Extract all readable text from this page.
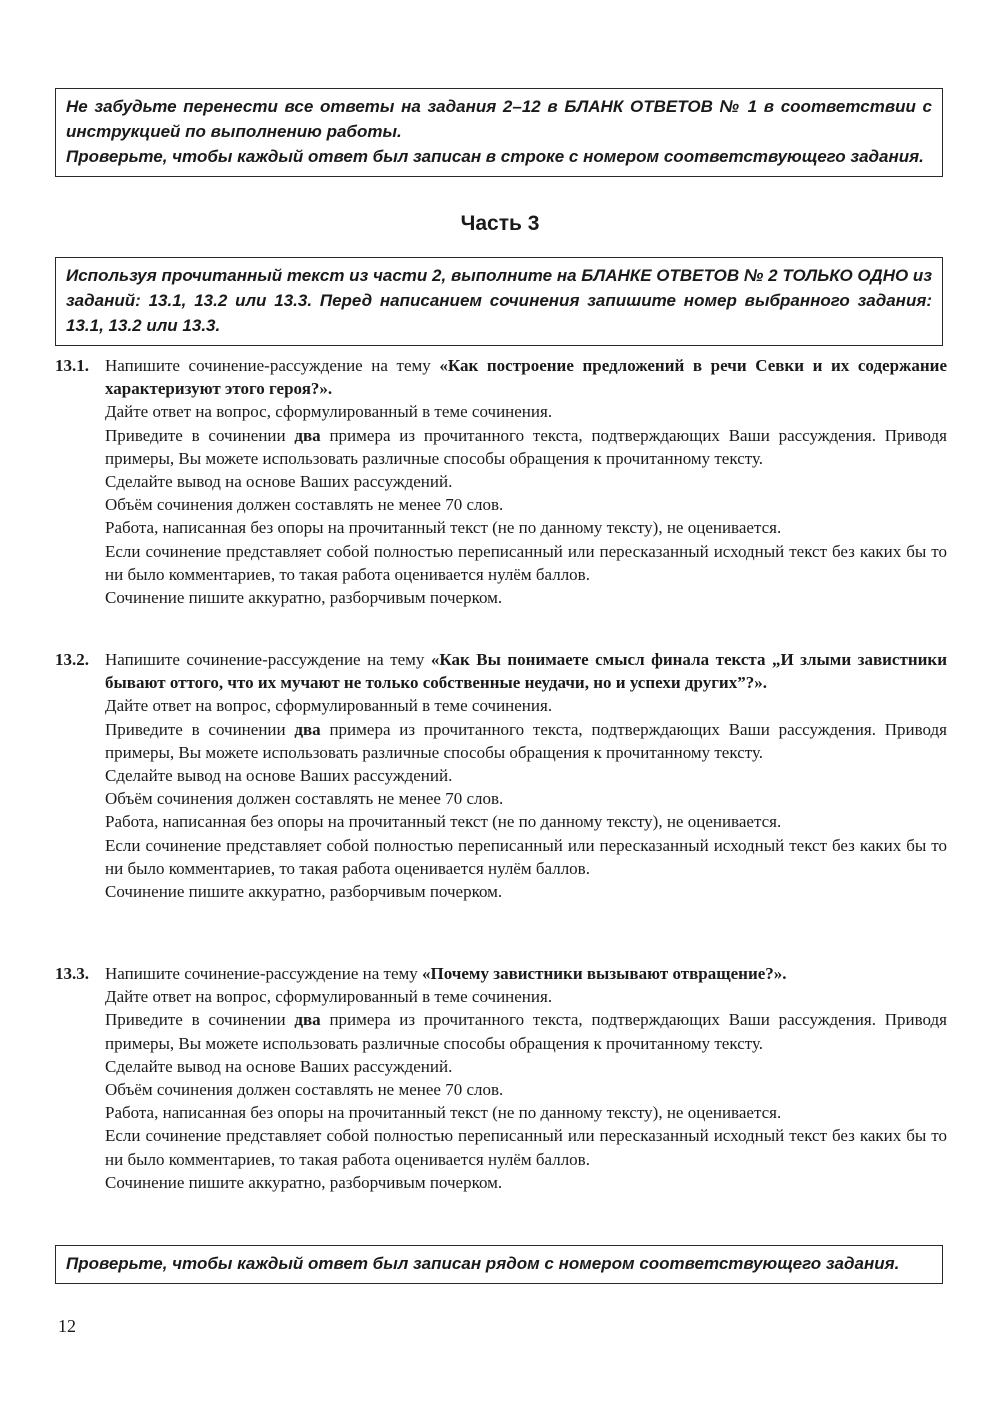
Не забудьте перенести все ответы на задания 2–12 в БЛАНК ОТВЕТОВ № 1 в соответствии с инструкцией по выполнению работы.

Проверьте, чтобы каждый ответ был записан в строке с номером соответствующего задания.

Часть 3

Используя прочитанный текст из части 2, выполните на БЛАНКЕ ОТВЕТОВ № 2 ТОЛЬКО ОДНО из заданий: 13.1, 13.2 или 13.3. Перед написанием сочинения запишите номер выбранного задания: 13.1, 13.2 или 13.3.

13.1. Напишите сочинение-рассуждение на тему «Как построение предложений в речи Севки и их содержание характеризуют этого героя?».

Дайте ответ на вопрос, сформулированный в теме сочинения.

Приведите в сочинении два примера из прочитанного текста, подтверждающих Ваши рассуждения. Приводя примеры, Вы можете использовать различные способы обращения к прочитанному тексту.

Сделайте вывод на основе Ваших рассуждений.

Объём сочинения должен составлять не менее 70 слов.

Работа, написанная без опоры на прочитанный текст (не по данному тексту), не оценивается.

Если сочинение представляет собой полностью переписанный или пересказанный исходный текст без каких бы то ни было комментариев, то такая работа оценивается нулём баллов.

Сочинение пишите аккуратно, разборчивым почерком.

13.2. Напишите сочинение-рассуждение на тему «Как Вы понимаете смысл финала текста „И злыми завистники бывают оттого, что их мучают не только собственные неудачи, но и успехи других”?».

Дайте ответ на вопрос, сформулированный в теме сочинения.

Приведите в сочинении два примера из прочитанного текста, подтверждающих Ваши рассуждения. Приводя примеры, Вы можете использовать различные способы обращения к прочитанному тексту.

Сделайте вывод на основе Ваших рассуждений.

Объём сочинения должен составлять не менее 70 слов.

Работа, написанная без опоры на прочитанный текст (не по данному тексту), не оценивается.

Если сочинение представляет собой полностью переписанный или пересказанный исходный текст без каких бы то ни было комментариев, то такая работа оценивается нулём баллов.

Сочинение пишите аккуратно, разборчивым почерком.

13.3. Напишите сочинение-рассуждение на тему «Почему завистники вызывают отвращение?».

Дайте ответ на вопрос, сформулированный в теме сочинения.

Приведите в сочинении два примера из прочитанного текста, подтверждающих Ваши рассуждения. Приводя примеры, Вы можете использовать различные способы обращения к прочитанному тексту.

Сделайте вывод на основе Ваших рассуждений.

Объём сочинения должен составлять не менее 70 слов.

Работа, написанная без опоры на прочитанный текст (не по данному тексту), не оценивается.

Если сочинение представляет собой полностью переписанный или пересказанный исходный текст без каких бы то ни было комментариев, то такая работа оценивается нулём баллов.

Сочинение пишите аккуратно, разборчивым почерком.

Проверьте, чтобы каждый ответ был записан рядом с номером соответствующего задания.

12
